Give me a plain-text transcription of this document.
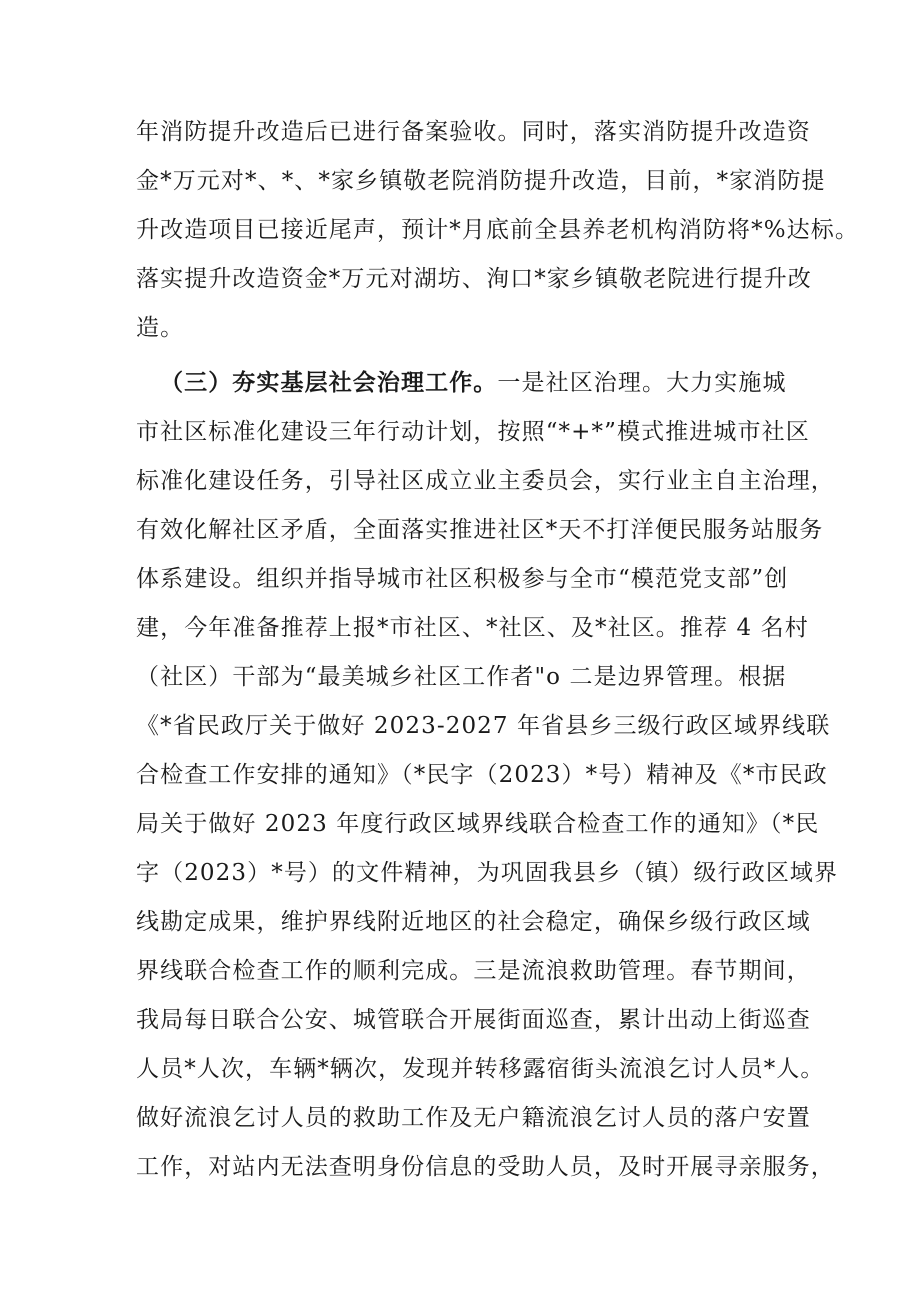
年消防提升改造后已进行备案验收。同时，落实消防提升改造资
金*万元对*、*、*家乡镇敬老院消防提升改造，目前，*家消防提
升改造项目已接近尾声，预计*月底前全县养老机构消防将*%达标。
落实提升改造资金*万元对湖坊、洵口*家乡镇敬老院进行提升改
造。
（三）夯实基层社会治理工作。一是社区治理。大力实施城
市社区标准化建设三年行动计划，按照“*+*”模式推进城市社区
标准化建设任务，引导社区成立业主委员会，实行业主自主治理，
有效化解社区矛盾，全面落实推进社区*天不打洋便民服务站服务
体系建设。组织并指导城市社区积极参与全市“模范党支部”创
建，今年准备推荐上报*市社区、*社区、及*社区。推荐 4 名村
（社区）干部为“最美城乡社区工作者"o 二是边界管理。根据
《*省民政厅关于做好 2023-2027 年省县乡三级行政区域界线联
合检查工作安排的通知》（*民字（2023）*号）精神及《*市民政
局关于做好 2023 年度行政区域界线联合检查工作的通知》（*民
字（2023）*号）的文件精神，为巩固我县乡（镇）级行政区域界
线勘定成果，维护界线附近地区的社会稳定，确保乡级行政区域
界线联合检查工作的顺利完成。三是流浪救助管理。春节期间，
我局每日联合公安、城管联合开展街面巡查，累计出动上街巡查
人员*人次，车辆*辆次，发现并转移露宿街头流浪乞讨人员*人。
做好流浪乞讨人员的救助工作及无户籍流浪乞讨人员的落户安置
工作，对站内无法查明身份信息的受助人员，及时开展寻亲服务，
